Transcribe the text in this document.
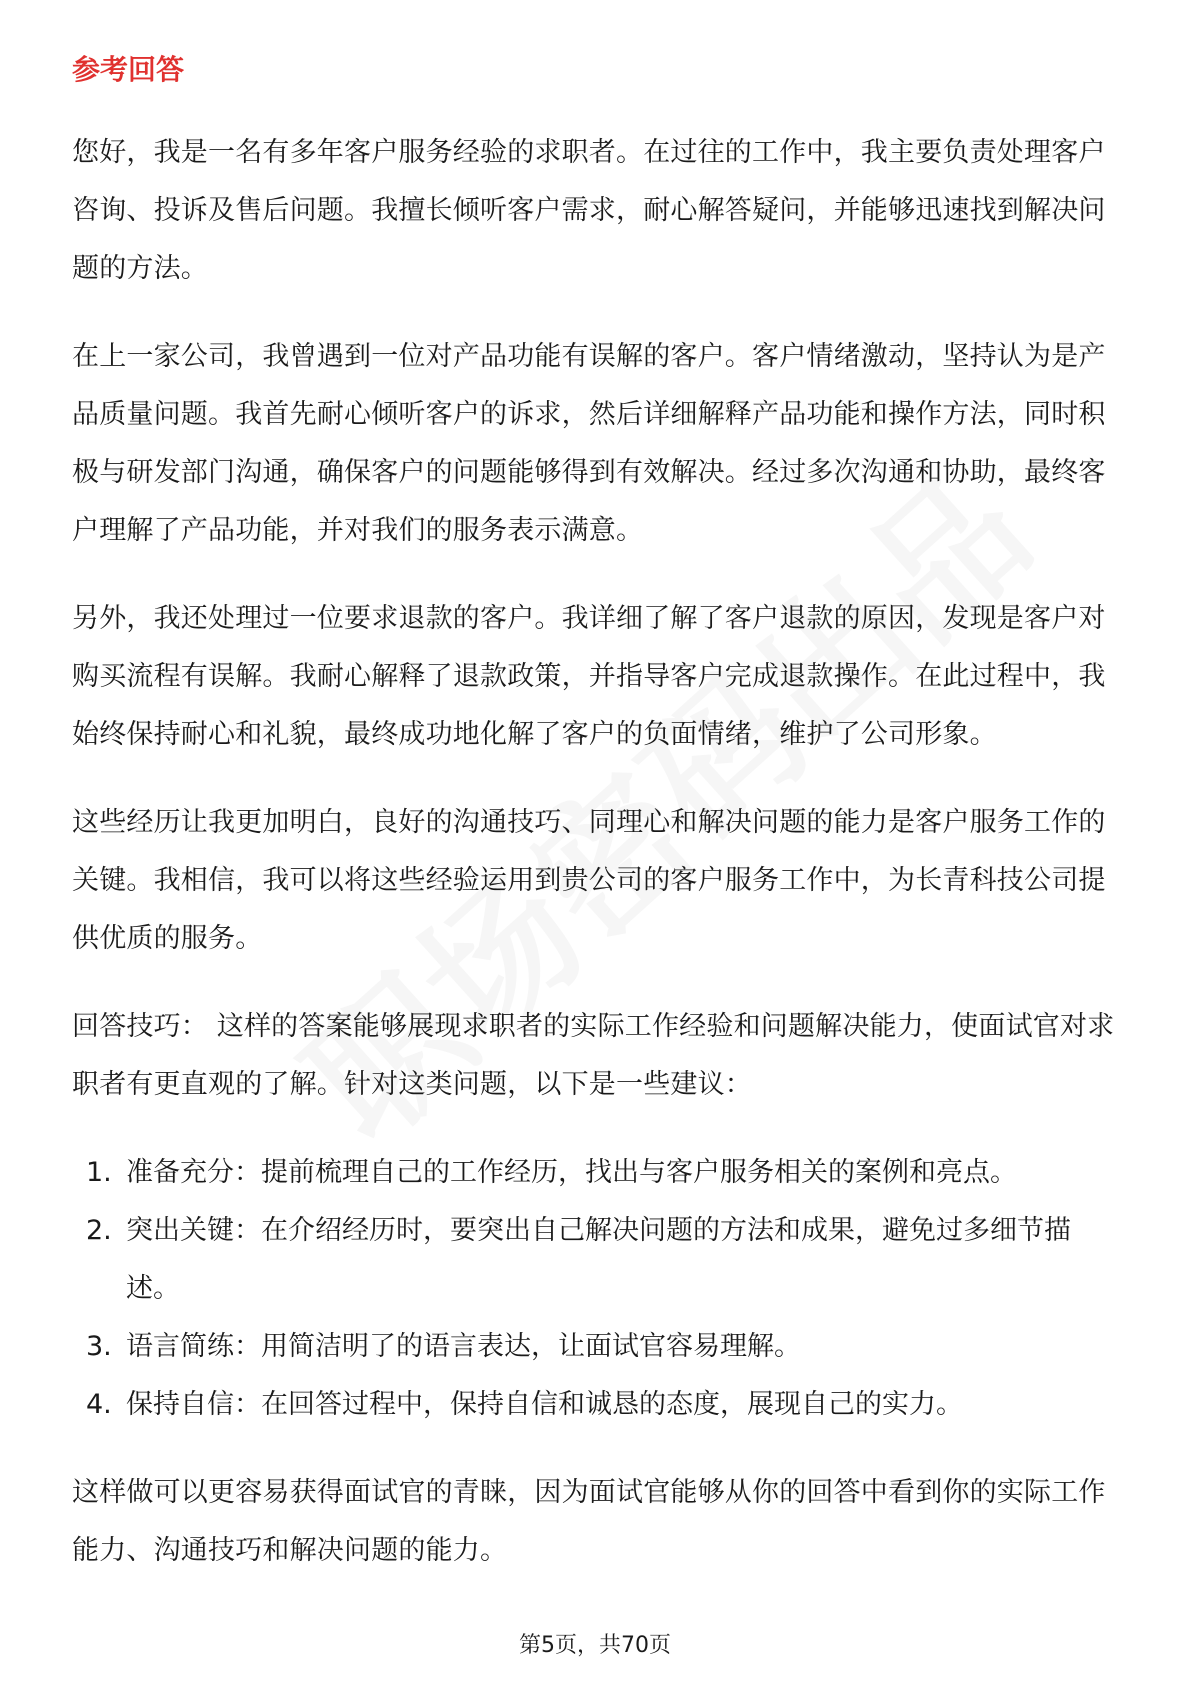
参考回答

您好，我是一名有多年客户服务经验的求职者。在过往的工作中，我主要负责处理客户咨询、投诉及售后问题。我擅长倾听客户需求，耐心解答疑问，并能够迅速找到解决问题的方法。

在上一家公司，我曾遇到一位对产品功能有误解的客户。客户情绪激动，坚持认为是产品质量问题。我首先耐心倾听客户的诉求，然后详细解释产品功能和操作方法，同时积极与研发部门沟通，确保客户的问题能够得到有效解决。经过多次沟通和协助，最终客户理解了产品功能，并对我们的服务表示满意。

另外，我还处理过一位要求退款的客户。我详细了解了客户退款的原因，发现是客户对购买流程有误解。我耐心解释了退款政策，并指导客户完成退款操作。在此过程中，我始终保持耐心和礼貌，最终成功地化解了客户的负面情绪，维护了公司形象。

这些经历让我更加明白，良好的沟通技巧、同理心和解决问题的能力是客户服务工作的关键。我相信，我可以将这些经验运用到贵公司的客户服务工作中，为长青科技公司提供优质的服务。

回答技巧： 这样的答案能够展现求职者的实际工作经验和问题解决能力，使面试官对求职者有更直观的了解。针对这类问题，以下是一些建议：

1. 准备充分：提前梳理自己的工作经历，找出与客户服务相关的案例和亮点。
2. 突出关键：在介绍经历时，要突出自己解决问题的方法和成果，避免过多细节描述。
3. 语言简练：用简洁明了的语言表达，让面试官容易理解。
4. 保持自信：在回答过程中，保持自信和诚恳的态度，展现自己的实力。

这样做可以更容易获得面试官的青睐，因为面试官能够从你的回答中看到你的实际工作能力、沟通技巧和解决问题的能力。

第5页，共70页
